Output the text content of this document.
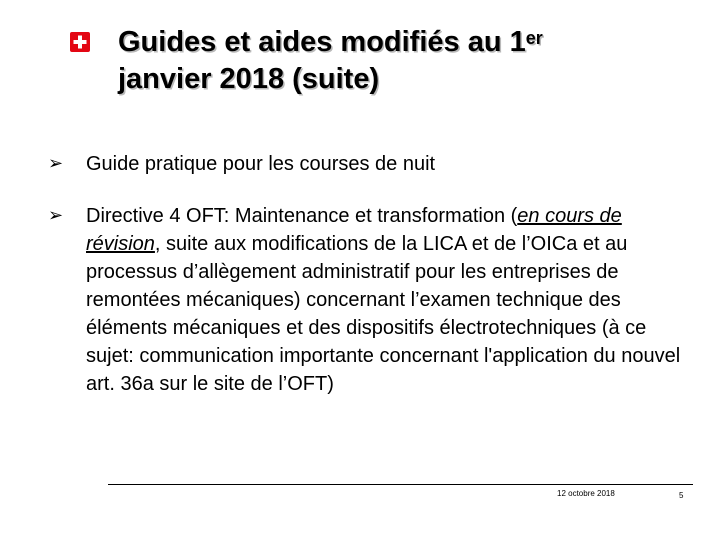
Guides et aides modifiés au 1er
janvier 2018 (suite)
➢	Guide pratique pour les courses de nuit
➢	Directive 4 OFT: Maintenance et transformation (en cours de révision, suite aux modifications de la LICA et de l’OICa et au processus d’allègement administratif pour les entreprises de remontées mécaniques) concernant l’examen technique des éléments mécaniques et des dispositifs électrotechniques (à ce sujet: communication importante concernant l'application du nouvel art. 36a sur le site de l’OFT)
12 octobre 2018	5
